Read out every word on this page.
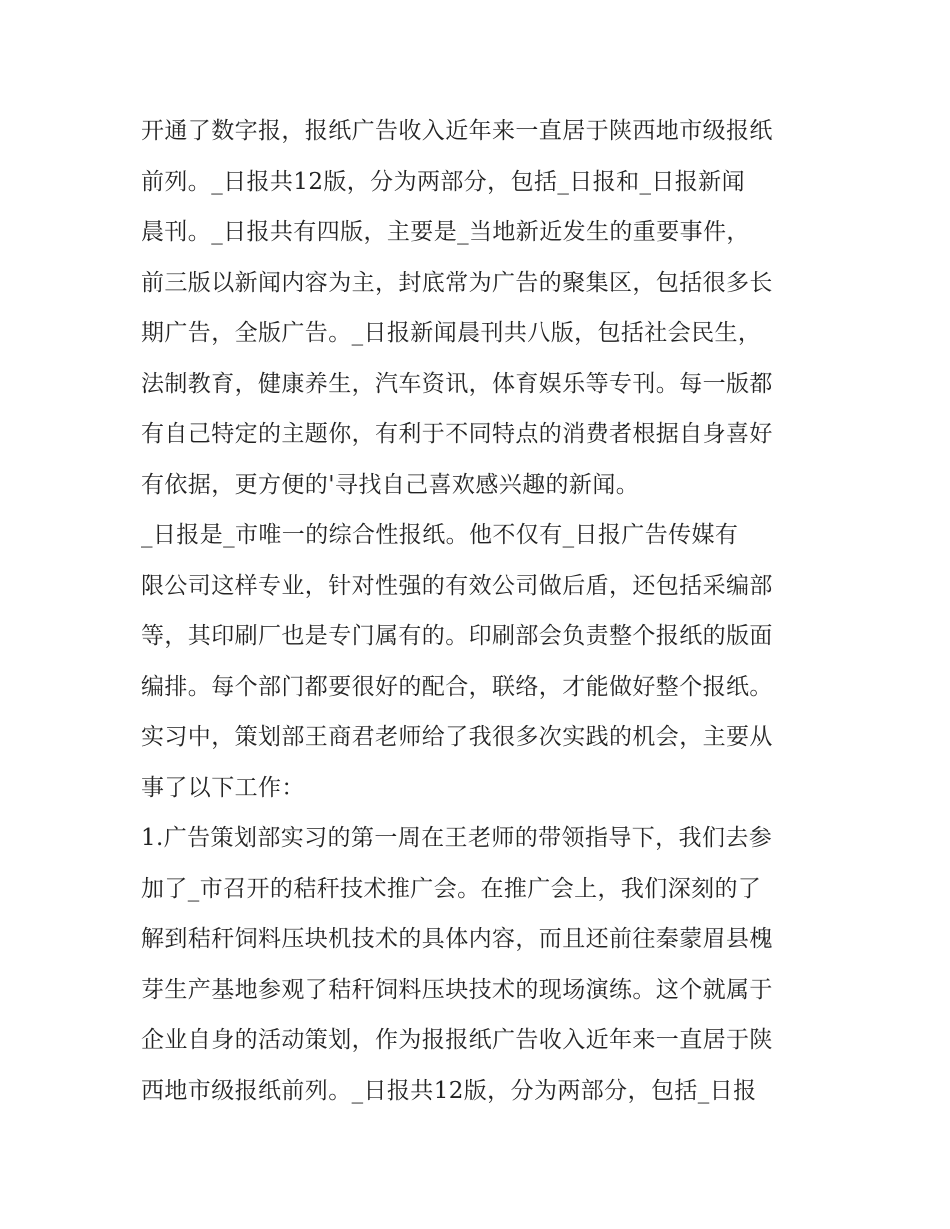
开通了数字报，报纸广告收入近年来一直居于陕西地市级报纸
前列。_日报共12版，分为两部分，包括_日报和_日报新闻
晨刊。_日报共有四版，主要是_当地新近发生的重要事件，
前三版以新闻内容为主，封底常为广告的聚集区，包括很多长
期广告，全版广告。_日报新闻晨刊共八版，包括社会民生，
法制教育，健康养生，汽车资讯，体育娱乐等专刊。每一版都
有自己特定的主题你，有利于不同特点的消费者根据自身喜好
有依据，更方便的'寻找自己喜欢感兴趣的新闻。
_日报是_市唯一的综合性报纸。他不仅有_日报广告传媒有
限公司这样专业，针对性强的有效公司做后盾，还包括采编部
等，其印刷厂也是专门属有的。印刷部会负责整个报纸的版面
编排。每个部门都要很好的配合，联络，才能做好整个报纸。
实习中，策划部王商君老师给了我很多次实践的机会，主要从
事了以下工作：
1.广告策划部实习的第一周在王老师的带领指导下，我们去参
加了_市召开的秸秆技术推广会。在推广会上，我们深刻的了
解到秸秆饲料压块机技术的具体内容，而且还前往秦蒙眉县槐
芽生产基地参观了秸秆饲料压块技术的现场演练。这个就属于
企业自身的活动策划，作为报报纸广告收入近年来一直居于陕
西地市级报纸前列。_日报共12版，分为两部分，包括_日报
